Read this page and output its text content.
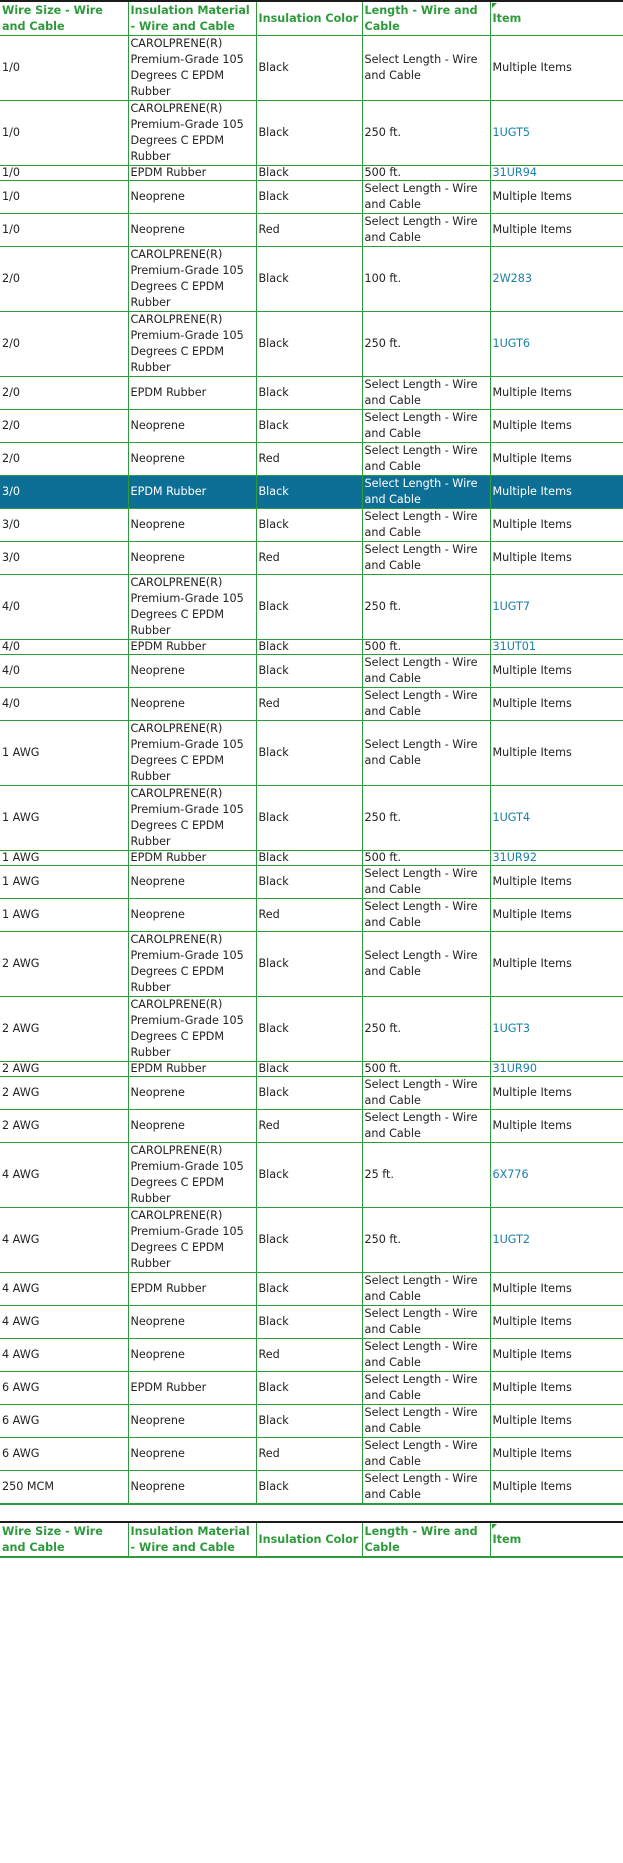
Wire Size - Wire and Cable	Insulation Material - Wire and Cable	Insulation Color	Length - Wire and Cable	Item
1/0	CAROLPRENE(R) Premium-Grade 105 Degrees C EPDM Rubber	Black	Select Length - Wire and Cable	Multiple Items
1/0	CAROLPRENE(R) Premium-Grade 105 Degrees C EPDM Rubber	Black	250 ft.	1UGT5
1/0	EPDM Rubber	Black	500 ft.	31UR94
1/0	Neoprene	Black	Select Length - Wire and Cable	Multiple Items
1/0	Neoprene	Red	Select Length - Wire and Cable	Multiple Items
2/0	CAROLPRENE(R) Premium-Grade 105 Degrees C EPDM Rubber	Black	100 ft.	2W283
2/0	CAROLPRENE(R) Premium-Grade 105 Degrees C EPDM Rubber	Black	250 ft.	1UGT6
2/0	EPDM Rubber	Black	Select Length - Wire and Cable	Multiple Items
2/0	Neoprene	Black	Select Length - Wire and Cable	Multiple Items
2/0	Neoprene	Red	Select Length - Wire and Cable	Multiple Items
3/0	EPDM Rubber	Black	Select Length - Wire and Cable	Multiple Items
3/0	Neoprene	Black	Select Length - Wire and Cable	Multiple Items
3/0	Neoprene	Red	Select Length - Wire and Cable	Multiple Items
4/0	CAROLPRENE(R) Premium-Grade 105 Degrees C EPDM Rubber	Black	250 ft.	1UGT7
4/0	EPDM Rubber	Black	500 ft.	31UT01
4/0	Neoprene	Black	Select Length - Wire and Cable	Multiple Items
4/0	Neoprene	Red	Select Length - Wire and Cable	Multiple Items
1 AWG	CAROLPRENE(R) Premium-Grade 105 Degrees C EPDM Rubber	Black	Select Length - Wire and Cable	Multiple Items
1 AWG	CAROLPRENE(R) Premium-Grade 105 Degrees C EPDM Rubber	Black	250 ft.	1UGT4
1 AWG	EPDM Rubber	Black	500 ft.	31UR92
1 AWG	Neoprene	Black	Select Length - Wire and Cable	Multiple Items
1 AWG	Neoprene	Red	Select Length - Wire and Cable	Multiple Items
2 AWG	CAROLPRENE(R) Premium-Grade 105 Degrees C EPDM Rubber	Black	Select Length - Wire and Cable	Multiple Items
2 AWG	CAROLPRENE(R) Premium-Grade 105 Degrees C EPDM Rubber	Black	250 ft.	1UGT3
2 AWG	EPDM Rubber	Black	500 ft.	31UR90
2 AWG	Neoprene	Black	Select Length - Wire and Cable	Multiple Items
2 AWG	Neoprene	Red	Select Length - Wire and Cable	Multiple Items
4 AWG	CAROLPRENE(R) Premium-Grade 105 Degrees C EPDM Rubber	Black	25 ft.	6X776
4 AWG	CAROLPRENE(R) Premium-Grade 105 Degrees C EPDM Rubber	Black	250 ft.	1UGT2
4 AWG	EPDM Rubber	Black	Select Length - Wire and Cable	Multiple Items
4 AWG	Neoprene	Black	Select Length - Wire and Cable	Multiple Items
4 AWG	Neoprene	Red	Select Length - Wire and Cable	Multiple Items
6 AWG	EPDM Rubber	Black	Select Length - Wire and Cable	Multiple Items
6 AWG	Neoprene	Black	Select Length - Wire and Cable	Multiple Items
6 AWG	Neoprene	Red	Select Length - Wire and Cable	Multiple Items
250 MCM	Neoprene	Black	Select Length - Wire and Cable	Multiple Items
Wire Size - Wire and Cable	Insulation Material - Wire and Cable	Insulation Color	Length - Wire and Cable	Item
